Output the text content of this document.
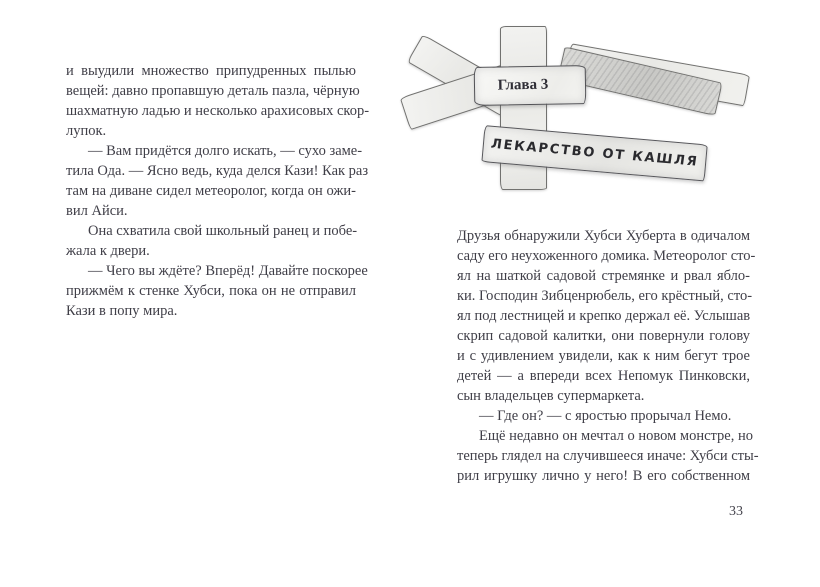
и выудили множество припудренных пылью
вещей: давно пропавшую деталь пазла, чёрную
шахматную ладью и несколько арахисовых скор-
лупок.
— Вам придётся долго искать, — сухо заме-
тила Ода. — Ясно ведь, куда делся Кази! Как раз
там на диване сидел метеоролог, когда он ожи-
вил Айси.
Она схватила свой школьный ранец и побе-
жала к двери.
— Чего вы ждёте? Вперёд! Давайте поскорее
прижмём к стенке Хубси, пока он не отправил
Кази в попу мира.
Глава 3
ЛЕКАРСТВО ОТ КАШЛЯ
Друзья обнаружили Хубси Хуберта в одичалом
саду его неухоженного домика. Метеоролог сто-
ял на шаткой садовой стремянке и рвал ябло-
ки. Господин Зибценрюбель, его крёстный, сто-
ял под лестницей и крепко держал её. Услышав
скрип садовой калитки, они повернули голову
и с удивлением увидели, как к ним бегут трое
детей — а впереди всех Непомук Пинковски,
сын владельцев супермаркета.
— Где он? — с яростью прорычал Немо.
Ещё недавно он мечтал о новом монстре, но
теперь глядел на случившееся иначе: Хубси сты-
рил игрушку лично у него! В его собственном
33
